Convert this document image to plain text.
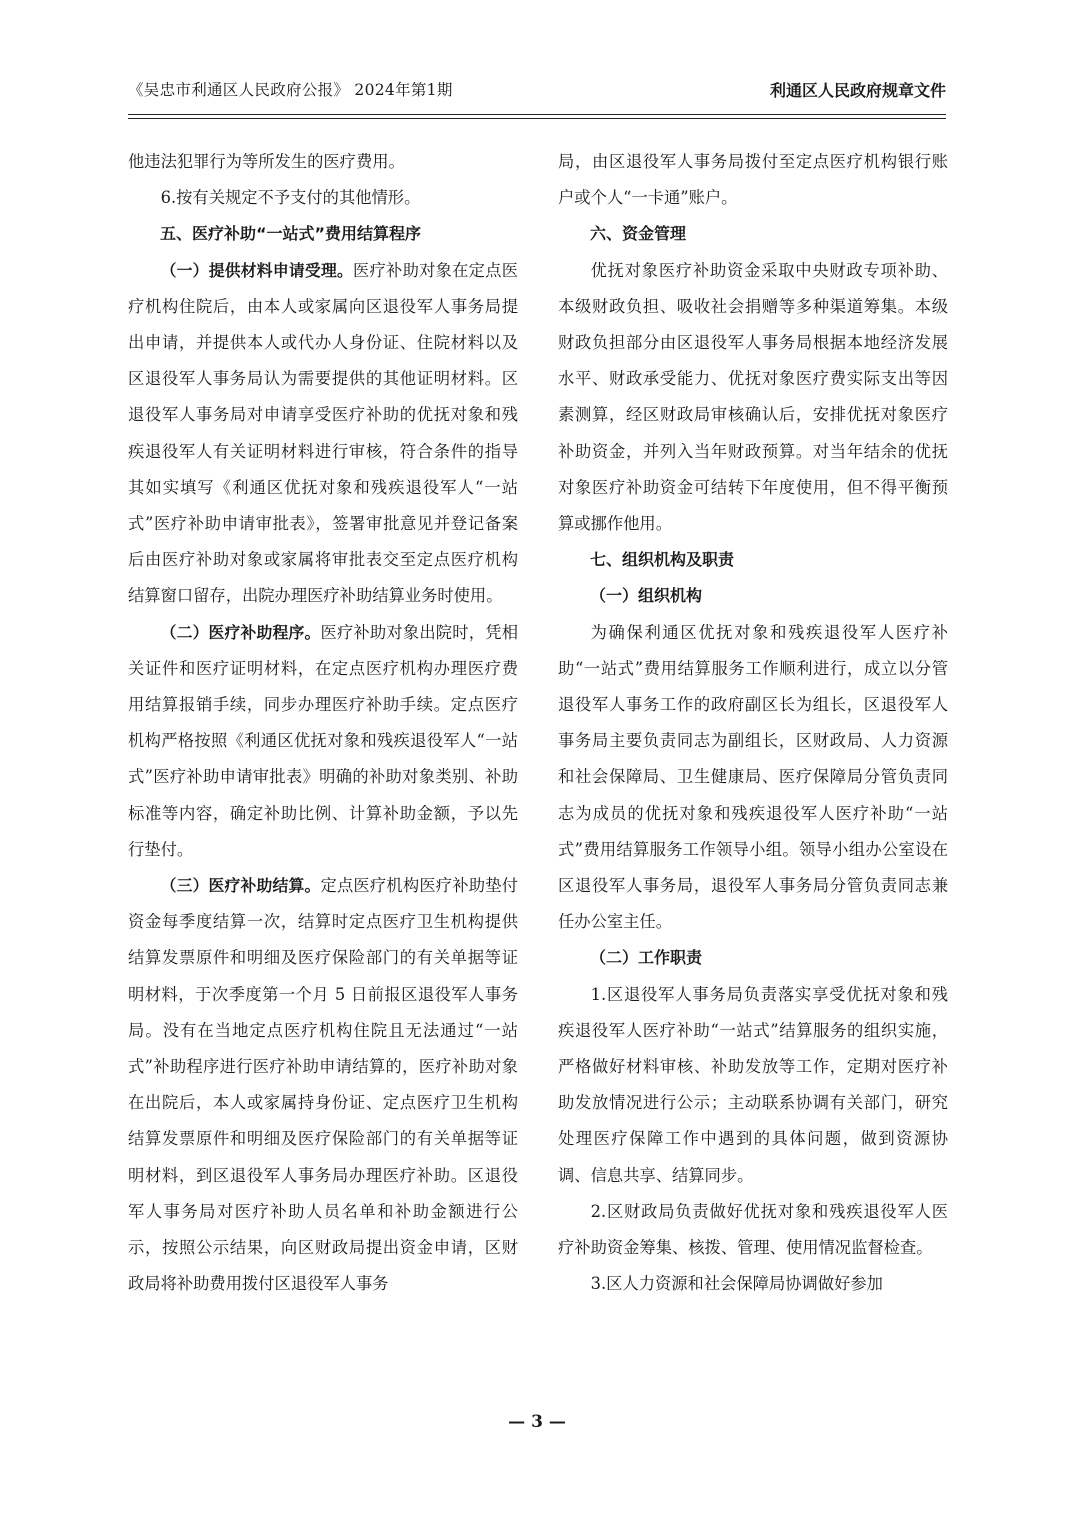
《吴忠市利通区人民政府公报》 2024年第1期	利通区人民政府规章文件

他违法犯罪行为等所发生的医疗费用。

6.按有关规定不予支付的其他情形。

五、医疗补助“一站式”费用结算程序

（一）提供材料申请受理。医疗补助对象在定点医疗机构住院后，由本人或家属向区退役军人事务局提出申请，并提供本人或代办人身份证、住院材料以及区退役军人事务局认为需要提供的其他证明材料。区退役军人事务局对申请享受医疗补助的优抚对象和残疾退役军人有关证明材料进行审核，符合条件的指导其如实填写《利通区优抚对象和残疾退役军人“一站式”医疗补助申请审批表》，签署审批意见并登记备案后由医疗补助对象或家属将审批表交至定点医疗机构结算窗口留存，出院办理医疗补助结算业务时使用。

（二）医疗补助程序。医疗补助对象出院时，凭相关证件和医疗证明材料，在定点医疗机构办理医疗费用结算报销手续，同步办理医疗补助手续。定点医疗机构严格按照《利通区优抚对象和残疾退役军人“一站式”医疗补助申请审批表》明确的补助对象类别、补助标准等内容，确定补助比例、计算补助金额，予以先行垫付。

（三）医疗补助结算。定点医疗机构医疗补助垫付资金每季度结算一次，结算时定点医疗卫生机构提供结算发票原件和明细及医疗保险部门的有关单据等证明材料，于次季度第一个月 5 日前报区退役军人事务局。没有在当地定点医疗机构住院且无法通过“一站式”补助程序进行医疗补助申请结算的，医疗补助对象在出院后，本人或家属持身份证、定点医疗卫生机构结算发票原件和明细及医疗保险部门的有关单据等证明材料，到区退役军人事务局办理医疗补助。区退役军人事务局对医疗补助人员名单和补助金额进行公示，按照公示结果，向区财政局提出资金申请，区财政局将补助费用拨付区退役军人事务

局，由区退役军人事务局拨付至定点医疗机构银行账户或个人“一卡通”账户。

六、资金管理

优抚对象医疗补助资金采取中央财政专项补助、本级财政负担、吸收社会捐赠等多种渠道筹集。本级财政负担部分由区退役军人事务局根据本地经济发展水平、财政承受能力、优抚对象医疗费实际支出等因素测算，经区财政局审核确认后，安排优抚对象医疗补助资金，并列入当年财政预算。对当年结余的优抚对象医疗补助资金可结转下年度使用，但不得平衡预算或挪作他用。

七、组织机构及职责

（一）组织机构

为确保利通区优抚对象和残疾退役军人医疗补助“一站式”费用结算服务工作顺利进行，成立以分管退役军人事务工作的政府副区长为组长，区退役军人事务局主要负责同志为副组长，区财政局、人力资源和社会保障局、卫生健康局、医疗保障局分管负责同志为成员的优抚对象和残疾退役军人医疗补助“一站式”费用结算服务工作领导小组。领导小组办公室设在区退役军人事务局，退役军人事务局分管负责同志兼任办公室主任。

（二）工作职责

1.区退役军人事务局负责落实享受优抚对象和残疾退役军人医疗补助“一站式”结算服务的组织实施，严格做好材料审核、补助发放等工作，定期对医疗补助发放情况进行公示；主动联系协调有关部门，研究处理医疗保障工作中遇到的具体问题，做到资源协调、信息共享、结算同步。

2.区财政局负责做好优抚对象和残疾退役军人医疗补助资金筹集、核拨、管理、使用情况监督检查。

3.区人力资源和社会保障局协调做好参加

— 3 —
